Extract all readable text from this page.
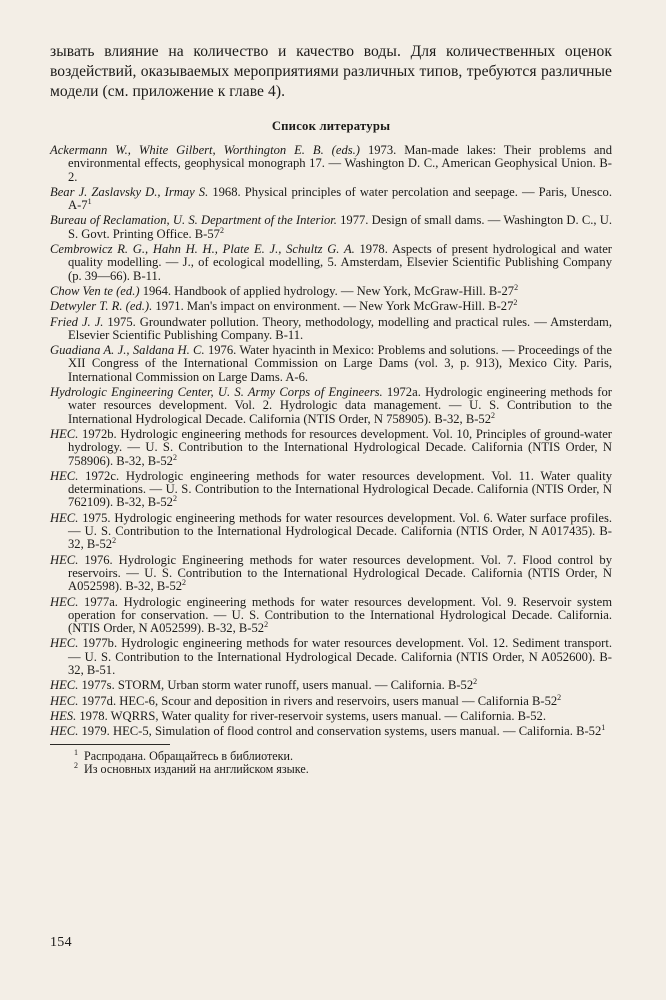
зывать влияние на количество и качество воды. Для количественных оценок воздействий, оказываемых мероприятиями различных типов, требуются различные модели (см. приложение к главе 4).

Список литературы
Ackermann W., White Gilbert, Worthington E. B. (eds.) 1973. Man-made lakes: Their problems and environmental effects, geophysical monograph 17. — Washington D. C., American Geophysical Union. B-2.
Bear J. Zaslavsky D., Irmay S. 1968. Physical principles of water percolation and seepage. — Paris, Unesco. $A-7^1$
Bureau of Reclamation, U. S. Department of the Interior. 1977. Design of small dams. — Washington D. C., U. S. Govt. Printing Office. $B-57^2$
Cembrowicz R. G., Hahn H. H., Plate E. J., Schultz G. A. 1978. Aspects of present hydrological and water quality modelling. — J., of ecological modelling, 5. Amsterdam, Elsevier Scientific Publishing Company (p. 39—66). B-11.
Chow Ven te (ed.) 1964. Handbook of applied hydrology. — New York, McGraw-Hill. $B-27^2$
Detwyler T. R. (ed.). 1971. Man's impact on environment. — New York McGraw-Hill. $B-27^2$
Fried J. J. 1975. Groundwater pollution. Theory, methodology, modelling and practical rules. — Amsterdam, Elsevier Scientific Publishing Company. B-11.
Guadiana A. J., Saldana H. C. 1976. Water hyacinth in Mexico: Problems and solutions. — Proceedings of the XII Congress of the International Commission on Large Dams (vol. 3, p. 913), Mexico City. Paris, International Commission on Large Dams. A-6.
Hydrologic Engineering Center, U. S. Army Corps of Engineers. 1972a. Hydrologic engineering methods for water resources development. Vol. 2. Hydrologic data management. — U. S. Contribution to the International Hydrological Decade. California (NTIS Order, N 758905). B-32, $B-52^2$
HEC. 1972b. Hydrologic engineering methods for resources development. Vol. 10, Principles of ground-water hydrology. — U. S. Contribution to the International Hydrological Decade. California (NTIS Order, N 758906). B-32, $B-52^2$
HEC. 1972c. Hydrologic engineering methods for water resources development. Vol. 11. Water quality determinations. — U. S. Contribution to the International Hydrological Decade. California (NTIS Order, N 762109). B-32, $B-52^2$
HEC. 1975. Hydrologic engineering methods for water resources development. Vol. 6. Water surface profiles. — U. S. Contribution to the International Hydrological Decade. California (NTIS Order, N A017435). B-32, $B-52^2$
HEC. 1976. Hydrologic Engineering methods for water resources development. Vol. 7. Flood control by reservoirs. — U. S. Contribution to the International Hydrological Decade. California (NTIS Order, N A052598). B-32, $B-52^2$
HEC. 1977a. Hydrologic engineering methods for water resources development. Vol. 9. Reservoir system operation for conservation. — U. S. Contribution to the International Hydrological Decade. California. (NTIS Order, N A052599). B-32, $B-52^2$
HEC. 1977b. Hydrologic engineering methods for water resources development. Vol. 12. Sediment transport. — U. S. Contribution to the International Hydrological Decade. California (NTIS Order, N A052600). B-32, B-51.
HEC. 1977s. STORM, Urban storm water runoff, users manual. — California. $B-52^2$
HEC. 1977d. HEC-6, Scour and deposition in rivers and reservoirs, users manual — California $B-52^2$
HES. 1978. WQRRS, Water quality for river-reservoir systems, users manual. — California. B-52.
HEC. 1979. HEC-5, Simulation of flood control and conservation systems, users manual. — California. $B-52^1$

$^1$ Распродана. Обращайтесь в библиотеки.

$^2$ Из основных изданий на английском языке.

154
